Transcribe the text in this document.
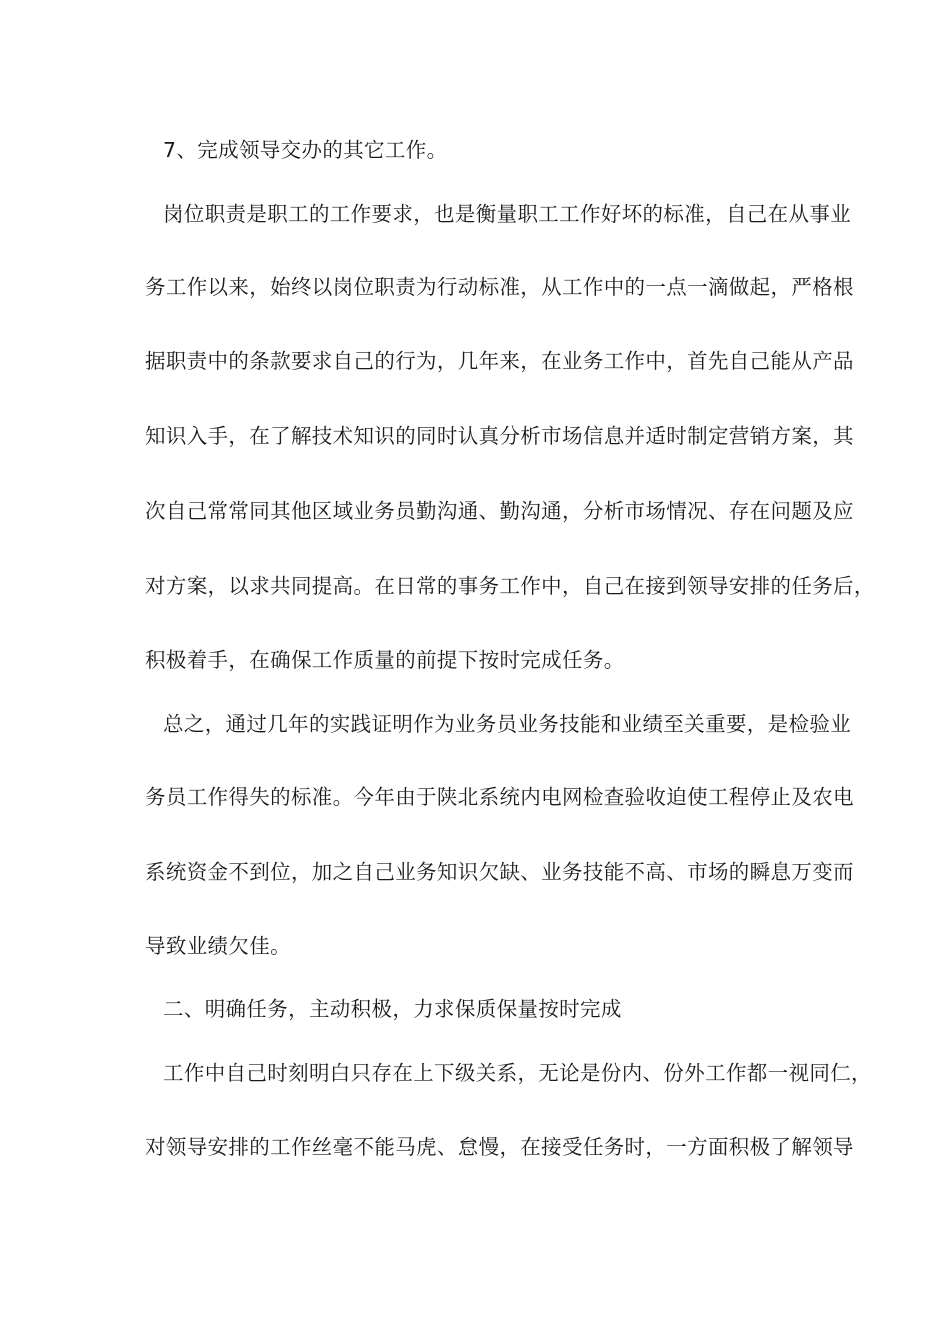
7、完成领导交办的其它工作。
岗位职责是职工的工作要求，也是衡量职工工作好坏的标准，自己在从事业
务工作以来，始终以岗位职责为行动标准，从工作中的一点一滴做起，严格根
据职责中的条款要求自己的行为，几年来，在业务工作中，首先自己能从产品
知识入手，在了解技术知识的同时认真分析市场信息并适时制定营销方案，其
次自己常常同其他区域业务员勤沟通、勤沟通，分析市场情况、存在问题及应
对方案，以求共同提高。在日常的事务工作中，自己在接到领导安排的任务后，
积极着手，在确保工作质量的前提下按时完成任务。
总之，通过几年的实践证明作为业务员业务技能和业绩至关重要，是检验业
务员工作得失的标准。今年由于陕北系统内电网检查验收迫使工程停止及农电
系统资金不到位，加之自己业务知识欠缺、业务技能不高、市场的瞬息万变而
导致业绩欠佳。
二、明确任务，主动积极，力求保质保量按时完成
工作中自己时刻明白只存在上下级关系，无论是份内、份外工作都一视同仁，
对领导安排的工作丝毫不能马虎、怠慢，在接受任务时，一方面积极了解领导
